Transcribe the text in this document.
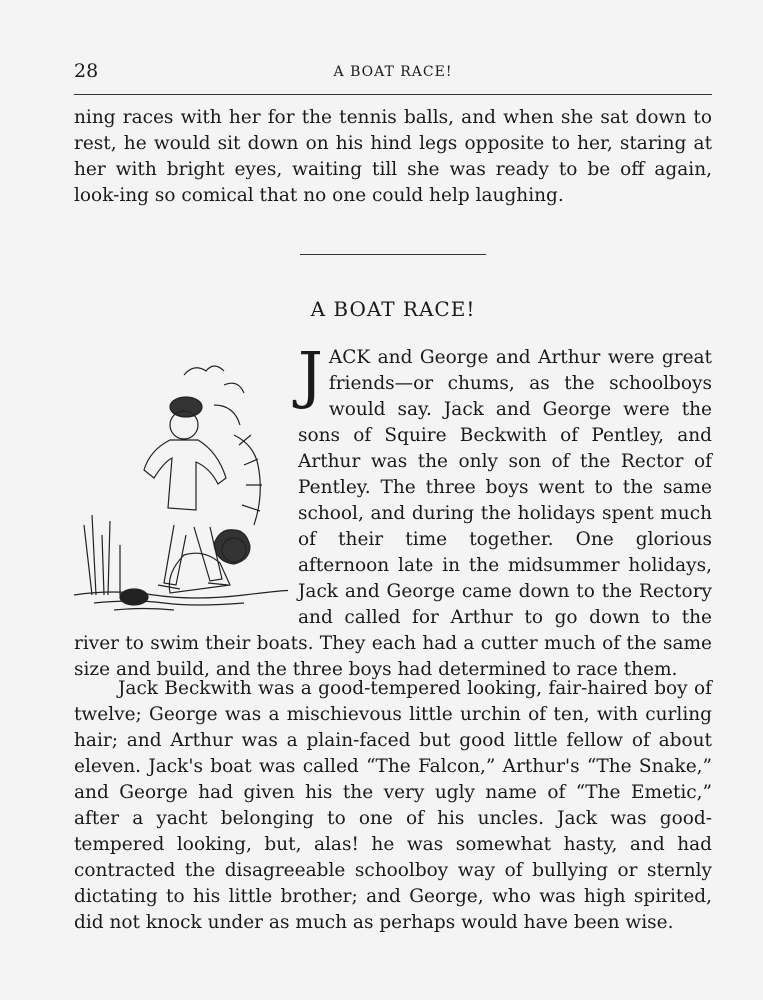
28	A BOAT RACE!

ning races with her for the tennis balls, and when she sat down to rest, he would sit down on his hind legs opposite to her, staring at her with bright eyes, waiting till she was ready to be off again, look-ing so comical that no one could help laughing.

A BOAT RACE!
J ACK and George and Arthur were great friends—or chums, as the schoolboys would say. Jack and George were the sons of Squire Beckwith of Pentley, and Arthur was the only son of the Rector of Pentley. The three boys went to the same school, and during the holidays spent much of their time together. One glorious afternoon late in the midsummer holidays, Jack and George came down to the Rectory and called for Arthur to go down to the river to swim their boats. They each had a cutter much of the same size and build, and the three boys had determined to race them.

Jack Beckwith was a good-tempered looking, fair-haired boy of twelve; George was a mischievous little urchin of ten, with curling hair; and Arthur was a plain-faced but good little fellow of about eleven. Jack's boat was called “The Falcon,” Arthur's “The Snake,” and George had given his the very ugly name of “The Emetic,” after a yacht belonging to one of his uncles. Jack was good-tempered looking, but, alas! he was somewhat hasty, and had contracted the disagreeable schoolboy way of bullying or sternly dictating to his little brother; and George, who was high spirited, did not knock under as much as perhaps would have been wise.
